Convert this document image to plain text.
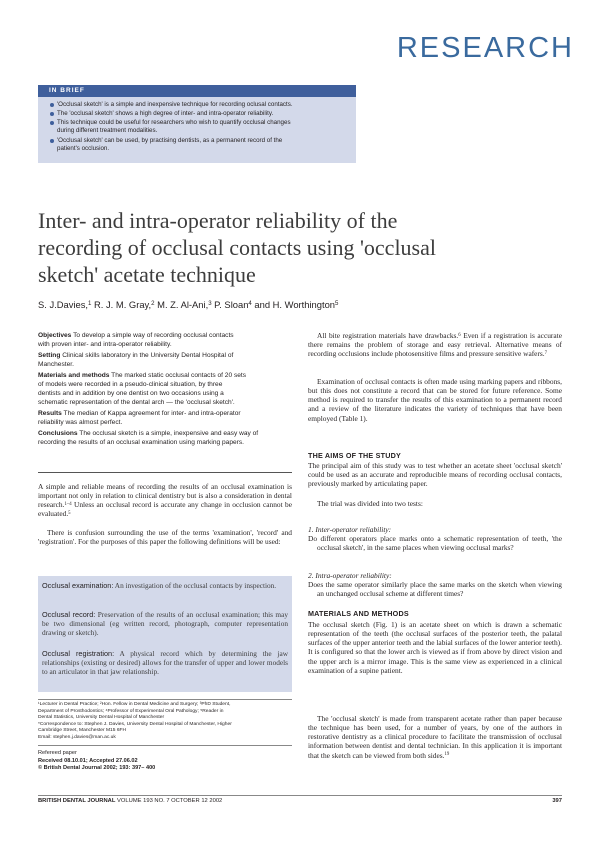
RESEARCH
IN BRIEF
'Occlusal sketch' is a simple and inexpensive technique for recording oclusal contacts.
The 'occlusal sketch' shows a high degree of inter- and intra-operator reliability.
This technique could be useful for researchers who wish to quantify occlusal changes
during different treatment modalities.
'Occlusal sketch' can be used, by practising dentists, as a permanent record of the
patient's occlusion.
Inter- and intra-operator reliability of the
recording of occlusal contacts using 'occlusal
sketch' acetate technique
S. J.Davies,$^1$ R. J. M. Gray,$^2$ M. Z. Al-Ani,$^3$ P. Sloan$^4$ and H. Worthington$^5$
Objectives To develop a simple way of recording occlusal contacts
with proven inter- and intra-operator reliability.
Setting Clinical skills laboratory in the University Dental Hospital of
Manchester.
Materials and methods The marked static occlusal contacts of 20 sets
of models were recorded in a pseudo-clinical situation, by three
dentists and in addition by one dentist on two occasions using a
schematic representation of the dental arch — the 'occlusal sketch'.
Results The median of Kappa agreement for inter- and intra-operator
reliability was almost perfect.
Conclusions The occlusal sketch is a simple, inexpensive and easy way of
recording the results of an occlusal examination using marking papers.

A simple and reliable means of recording the results of an occlusal examination is important not only in relation to clinical dentistry but is also a consideration in dental research.$^{1-4}$ Unless an occlusal record is accurate any change in occlusion cannot be evaluated.$^5$

There is confusion surrounding the use of the terms 'examination', 'record' and 'registration'. For the purposes of this paper the following definitions will be used:

Occlusal examination: An investigation of the occlusal contacts by inspection.
Occlusal record: Preservation of the results of an occlusal examination; this may be two dimensional (eg written record, photograph, computer representation drawing or sketch).
Occlusal registration: A physical record which by determining the jaw relationships (existing or desired) allows for the transfer of upper and lower models to an articulator in that jaw relationship.
¹Lecturer in Dental Practice; ²Hon. Fellow in Dental Medicine and Surgery; ³PhD Student,
Department of Prosthodontics; ⁴Professor of Experimental Oral Pathology; ⁵Reader in
Dental Statistics, University Dental Hospital of Manchester
*Correspondence to: Stephen J. Davies, University Dental Hospital of Manchester, Higher
Cambridge Street, Manchester M15 6FH
Email: stephen.j.davies@man.ac.uk
Refereed paper
Received 08.10.01; Accepted 27.06.02
© British Dental Journal 2002; 193: 397– 400

All bite registration materials have drawbacks.$^6$ Even if a registration is accurate there remains the problem of storage and easy retrieval. Alternative means of recording occlusions include photosensitive films and pressure sensitive wafers.$^7$

Examination of occlusal contacts is often made using marking papers and ribbons, but this does not constitute a record that can be stored for future reference. Some method is required to transfer the results of this examination to a permanent record and a review of the literature indicates the variety of techniques that have been employed (Table 1).

THE AIMS OF THE STUDY

The principal aim of this study was to test whether an acetate sheet 'occlusal sketch' could be used as an accurate and reproducible means of recording occlusal contacts, previously marked by articulating paper.

The trial was divided into two tests:

1. Inter-operator reliability:
Do different operators place marks onto a schematic representation of teeth, 'the occlusal sketch', in the same places when viewing occlusal marks?
2. Intra-operator reliability:
Does the same operator similarly place the same marks on the sketch when viewing an unchanged occlusal scheme at different times?
MATERIALS AND METHODS

The occlusal sketch (Fig. 1) is an acetate sheet on which is drawn a schematic representation of the teeth (the occlusal surfaces of the posterior teeth, the palatal surfaces of the upper anterior teeth and the labial surfaces of the lower anterior teeth). It is configured so that the lower arch is viewed as if from above by direct vision and the upper arch is a mirror image. This is the same view as experienced in a clinical examination of a supine patient.

The 'occlusal sketch' is made from transparent acetate rather than paper because the technique has been used, for a number of years, by one of the authors in restorative dentistry as a clinical procedure to facilitate the transmission of occlusal information between dentist and dental technician. In this application it is important that the sketch can be viewed from both sides.$^{19}$

BRITISH DENTAL JOURNAL VOLUME 193 NO. 7 OCTOBER 12 2002	397
